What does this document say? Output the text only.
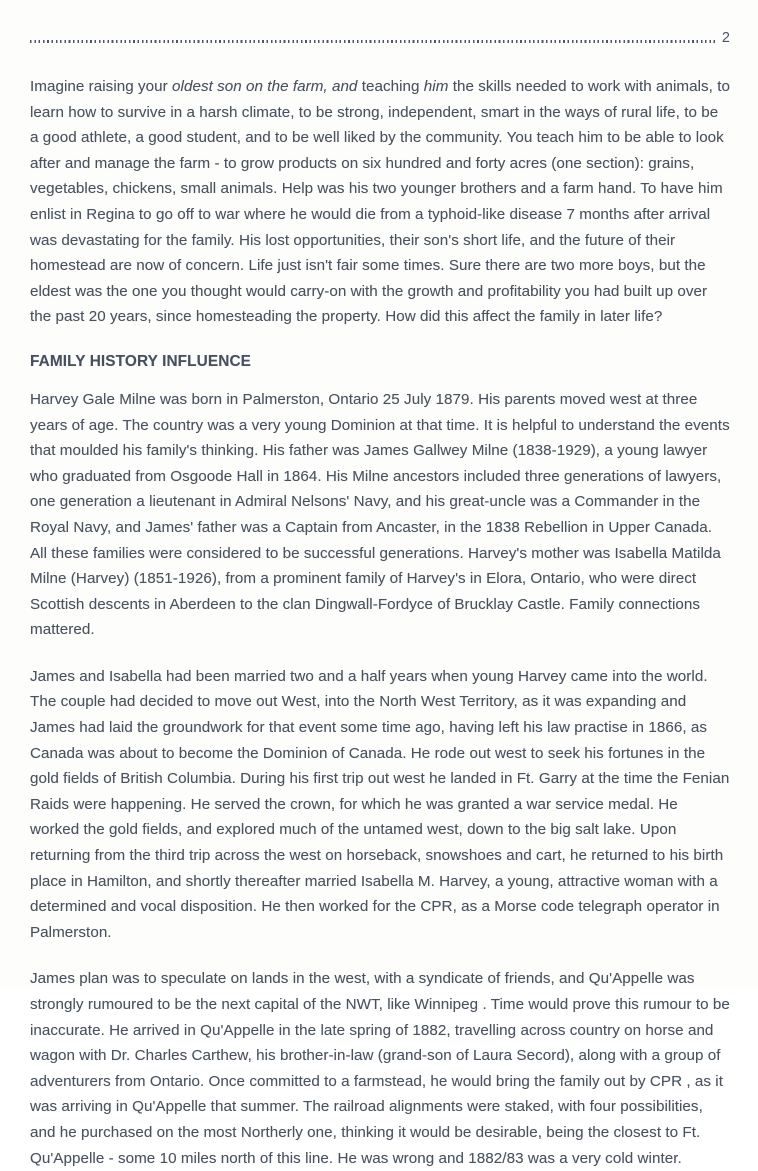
2

Imagine raising your oldest son on the farm, and teaching him the skills needed to work with animals, to learn how to survive in a harsh climate, to be strong, independent, smart in the ways of rural life, to be a good athlete, a good student, and to be well liked by the community. You teach him to be able to look after and manage the farm - to grow products on six hundred and forty acres (one section): grains, vegetables, chickens, small animals. Help was his two younger brothers and a farm hand. To have him enlist in Regina to go off to war where he would die from a typhoid-like disease 7 months after arrival was devastating for the family. His lost opportunities, their son's short life, and the future of their homestead are now of concern. Life just isn't fair some times. Sure there are two more boys, but the eldest was the one you thought would carry-on with the growth and profitability you had built up over the past 20 years, since homesteading the property. How did this affect the family in later life?

FAMILY HISTORY INFLUENCE

Harvey Gale Milne was born in Palmerston, Ontario 25 July 1879. His parents moved west at three years of age. The country was a very young Dominion at that time. It is helpful to understand the events that moulded his family's thinking. His father was James Gallwey Milne (1838-1929), a young lawyer who graduated from Osgoode Hall in 1864. His Milne ancestors included three generations of lawyers, one generation a lieutenant in Admiral Nelsons' Navy, and his great-uncle was a Commander in the Royal Navy, and James' father was a Captain from Ancaster, in the 1838 Rebellion in Upper Canada. All these families were considered to be successful generations. Harvey's mother was Isabella Matilda Milne (Harvey) (1851-1926), from a prominent family of Harvey's in Elora, Ontario, who were direct Scottish descents in Aberdeen to the clan Dingwall-Fordyce of Brucklay Castle. Family connections mattered.

James and Isabella had been married two and a half years when young Harvey came into the world. The couple had decided to move out West, into the North West Territory, as it was expanding and James had laid the groundwork for that event some time ago, having left his law practise in 1866, as Canada was about to become the Dominion of Canada. He rode out west to seek his fortunes in the gold fields of British Columbia. During his first trip out west he landed in Ft. Garry at the time the Fenian Raids were happening. He served the crown, for which he was granted a war service medal. He worked the gold fields, and explored much of the untamed west, down to the big salt lake. Upon returning from the third trip across the west on horseback, snowshoes and cart, he returned to his birth place in Hamilton, and shortly thereafter married Isabella M. Harvey, a young, attractive woman with a determined and vocal disposition. He then worked for the CPR, as a Morse code telegraph operator in Palmerston.

James plan was to speculate on lands in the west, with a syndicate of friends, and Qu'Appelle was strongly rumoured to be the next capital of the NWT, like Winnipeg . Time would prove this rumour to be inaccurate. He arrived in Qu'Appelle in the late spring of 1882, travelling across country on horse and wagon with Dr. Charles Carthew, his brother-in-law (grand-son of Laura Secord), along with a group of adventurers from Ontario. Once committed to a farmstead, he would bring the family out by CPR , as it was arriving in Qu'Appelle that summer. The railroad alignments were staked, with four possibilities, and he purchased on the most Northerly one, thinking it would be desirable, being the closest to Ft. Qu'Appelle - some 10 miles north of this line. He was wrong and 1882/83 was a very cold winter.
